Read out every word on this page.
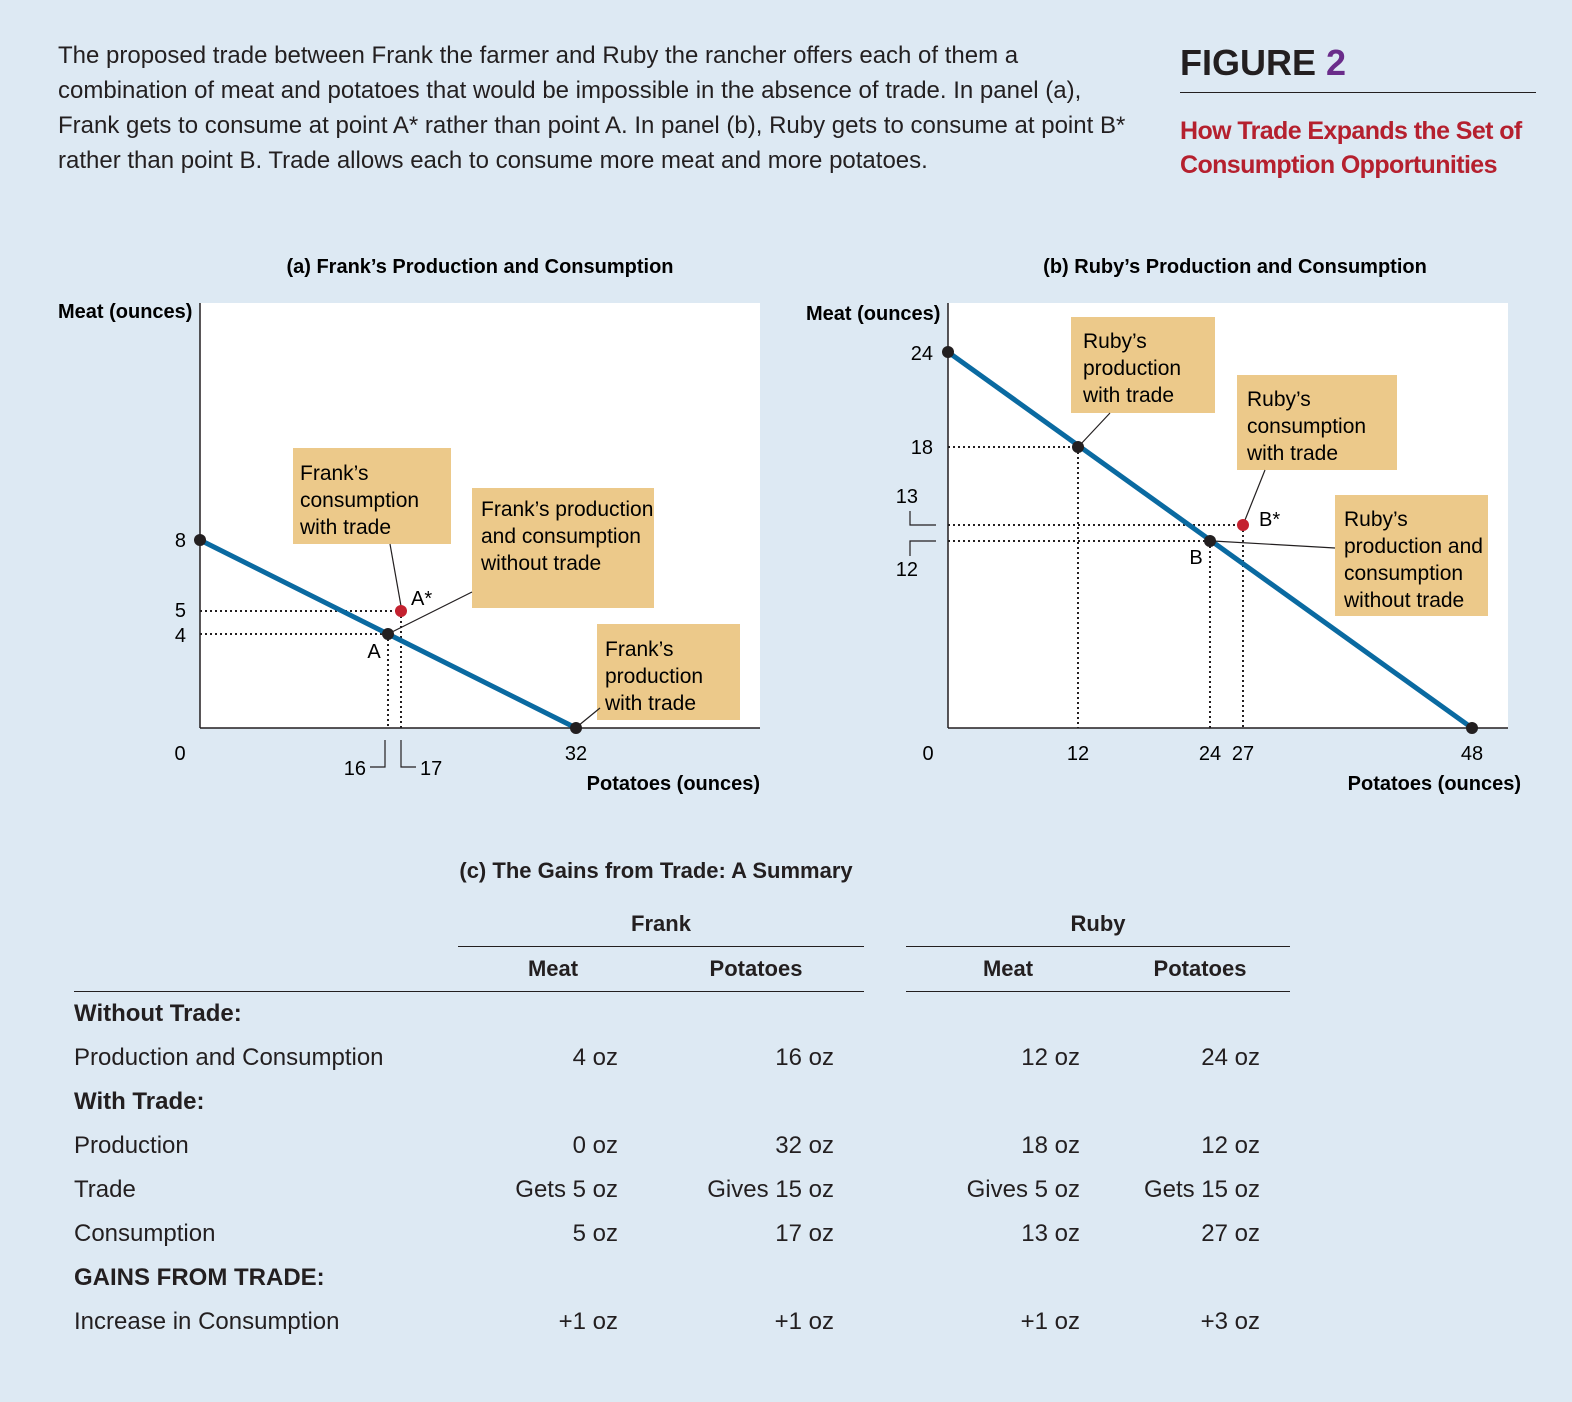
The proposed trade between Frank the farmer and Ruby the rancher offers each of them a combination of meat and potatoes that would be impossible in the absence of trade. In panel (a), Frank gets to consume at point A* rather than point A. In panel (b), Ruby gets to consume at point B* rather than point B. Trade allows each to consume more meat and more potatoes.

FIGURE 2
How Trade Expands the Set of Consumption Opportunities
(a) Frank’s Production and Consumption
Meat (ounces)
Potatoes (ounces)
8
5
4
0
16	17
32
Frank’s consumption with trade
Frank’s production and consumption without trade
Frank’s production with trade
A
A*
(b) Ruby’s Production and Consumption
Meat (ounces)
Potatoes (ounces)
24
18
13
12
0	12	24 27	48
Ruby’s production with trade	Ruby’s consumption with trade
Ruby’s production and consumption without trade
B
B*
(c) The Gains from Trade: A Summary
	Frank			Ruby	
	Meat	Potatoes		Meat	Potatoes
Without Trade:					
Production and Consumption	4 oz	16 oz		12 oz	24 oz
With Trade:					
Production	0 oz	32 oz		18 oz	12 oz
Trade	Gets 5 oz	Gives 15 oz		Gives 5 oz	Gets 15 oz
Consumption	5 oz	17 oz		13 oz	27 oz
GAINS FROM TRADE:					
Increase in Consumption	+1 oz	+1 oz		+1 oz	+3 oz
